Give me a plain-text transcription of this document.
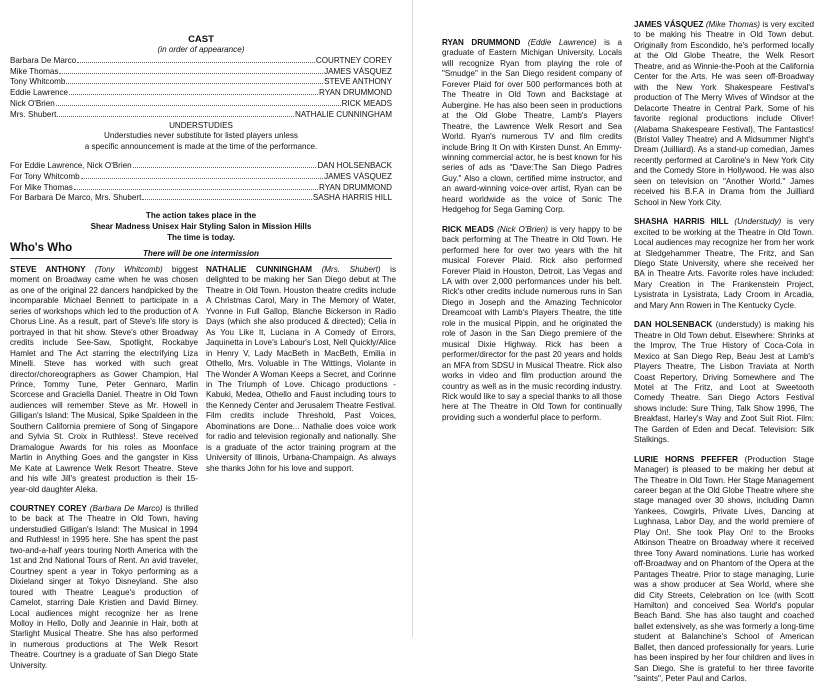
CAST
(in order of appearance)
Barbara De Marco	COURTNEY COREY
Mike Thomas	JAMES VÁSQUEZ
Tony Whitcomb	STEVE ANTHONY
Eddie Lawrence	RYAN DRUMMOND
Nick O'Brien	RICK MEADS
Mrs. Shubert	NATHALIE CUNNINGHAM
UNDERSTUDIES
Understudies never substitute for listed players unless
a specific announcement is made at the time of the performance.
For Eddie Lawrence, Nick O'Brien	DAN HOLSENBACK
For Tony Whitcomb	JAMES VÁSQUEZ
For Mike Thomas	RYAN DRUMMOND
For Barbara De Marco, Mrs. Shubert	SASHA HARRIS HILL
The action takes place in the
Shear Madness Unisex Hair Styling Salon in Mission Hills
The time is today.
There will be one intermission
Who's Who

STEVE ANTHONY (Tony Whitcomb) biggest moment on Broadway came when he was chosen as one of the original 22 dancers handpicked by the incomparable Michael Bennett to participate in a series of workshops which led to the production of A Chorus Line. As a result, part of Steve's life story is portrayed in that hit show. Steve's other Broadway credits include See-Saw, Spotlight, Rockabye Hamlet and The Act starring the electrifying Liza Minelli. Steve has worked with such great director/choreographers as Gower Champion, Hal Prince, Tommy Tune, Peter Gennaro, Marlin Scorcese and Graciella Daniel. Theatre in Old Town audiences will remember Steve as Mr. Howell in Gilligan's Island: The Musical, Spike Spaldeen in the Southern California premiere of Song of Singapore and Sylvia St. Croix in Ruthless!. Steve received Dramalogue Awards for his roles as Moonface Martin in Anything Goes and the gangster in Kiss Me Kate at Lawrence Welk Resort Theatre. Steve and his wife Jill's greatest production is their 15-year-old daughter Aleka.

COURTNEY COREY (Barbara De Marco) is thrilled to be back at The Theatre in Old Town, having understudied Gilligan's Island: The Musical in 1994 and Ruthless! in 1995 here. She has spent the past two-and-a-half years touring North America with the 1st and 2nd National Tours of Rent. An avid traveler, Courtney spent a year in Tokyo performing as a Dixieland singer at Tokyo Disneyland. She also toured with Theatre League's production of Camelot, starring Dale Kristien and David Birney. Local audiences might recognize her as Irene Molloy in Hello, Dolly and Jeannie in Hair, both at Starlight Musical Theatre. She has also performed in numerous productions at The Welk Resort Theatre. Courtney is a graduate of San Diego State University.

NATHALIE CUNNINGHAM (Mrs. Shubert) is delighted to be making her San Diego debut at The Theatre in Old Town. Houston theatre credits include A Christmas Carol, Mary in The Memory of Water, Yvonne in Full Gallop, Blanche Bickerson in Radio Days (which she also produced & directed); Celia in As You Like It, Luciana in A Comedy of Errors, Jaquinetta in Love's Labour's Lost, Nell Quickly/Alice in Henry V, Lady MacBeth in MacBeth, Emilia in Othello, Mrs. Voluable in The Wittings, Violante in The Wonder A Woman Keeps a Secret, and Corinne in The Triumph of Love. Chicago productions - Kabuki, Medea, Othello and Faust including tours to the Kennedy Center and Jerusalem Theatre Festival. Film credits include Threshold, Past Voices, Abominations are Done... Nathalie does voice work for radio and television regionally and nationally. She is a graduate of the actor training program at the University of Illinois, Urbana-Champaign. As always she thanks John for his love and support.

RYAN DRUMMOND (Eddie Lawrence) is a graduate of Eastern Michigan University. Locals will recognize Ryan from playing the role of "Smudge" in the San Diego resident company of Forever Plaid for over 500 performances both at The Theatre in Old Town and Backstage at Aubergine. He has also been seen in productions at the Old Globe Theatre, Lamb's Players Theatre, the Lawrence Welk Resort and Sea World. Ryan's numerous TV and film credits include Bring It On with Kirsten Dunst. An Emmy-winning commercial actor, he is best known for his series of ads as "Dave:The San Diego Padres Guy." Also a clown, certified mime instructor, and an award-winning voice-over artist, Ryan can be heard worldwide as the voice of Sonic The Hedgehog for Sega Gaming Corp.

RICK MEADS (Nick O'Brien) is very happy to be back performing at The Theatre in Old Town. He performed here for over two years with the hit musical Forever Plaid. Rick also performed Forever Plaid in Houston, Detroit, Las Vegas and LA with over 2,000 performances under his belt. Rick's other credits include numerous runs in San Diego in Joseph and the Amazing Technicolor Dreamcoat with Lamb's Players Theatre, the title role in the musical Pippin, and he originated the role of Jason in the San Diego premiere of the musical Dixie Highway. Rick has been a performer/director for the past 20 years and holds an MFA from SDSU in Musical Theatre. Rick also works in video and film production around the country as well as in the music recording industry. Rick would like to say a special thanks to all those here at The Theatre in Old Town for continually providing such a wonderful place to perform.

JAMES VÁSQUEZ (Mike Thomas) is very excited to be making his Theatre in Old Town debut. Originally from Escondido, he's performed locally at the Old Globe Theatre, the Welk Resort Theatre, and as Winnie-the-Pooh at the California Center for the Arts. He was seen off-Broadway with the New York Shakespeare Festival's production of The Merry Wives of Windsor at the Delacorte Theatre in Central Park. Some of his favorite regional productions include Oliver! (Alabama Shakespeare Festival), The Fantastics! (Bristol Valley Theatre) and A Midsummer Night's Dream (Juilliard). As a stand-up comedian, James recently performed at Caroline's in New York City and the Comedy Store in Hollywood. He was also seen on television on "Another World." James received his B.F.A in Drama from the Juilliard School in New York City.

SHASHA HARRIS HILL (Understudy) is very excited to be working at the Theatre in Old Town. Local audiences may recognize her from her work at Sledgehammer Theatre, The Fritz, and San Diego State University, where she received her BA in Theatre Arts. Favorite roles have included: Mary Creation in The Frankenstein Project, Lysistrata in Lysistrata, Lady Croom in Arcadia, and Mary Ann Rowen in The Kentucky Cycle.

DAN HOLSENBACK (understudy) is making his Theatre in Old Town debut. Elsewhere: Shrinks at the Improv, The True History of Coca-Cola in Mexico at San Diego Rep, Beau Jest at Lamb's Players Theatre, The Lisbon Traviata at North Coast Repertory, Driving Somewhere and The Motel at The Fritz, and Loot at Sweetooth Comedy Theatre. San Diego Actors Festival shows include: Sure Thing, Talk Show 1996, The Breakfast, Harley's Way and Zoot Suit Riot. Film: The Garden of Eden and Decaf. Television: Silk Stalkings.

LURIE HORNS PFEFFER (Production Stage Manager) is pleased to be making her debut at The Theatre in Old Town. Her Stage Management career began at the Old Globe Theatre where she stage managed over 30 shows, including Damn Yankees, Cowgirls, Private Lives, Dancing at Lughnasa, Labor Day, and the world premiere of Play On!. She took Play On! to the Brooks Atkinson Theatre on Broadway where it received three Tony Award nominations. Lurie has worked off-Broadway and on Phantom of the Opera at the Pantages Theatre. Prior to stage managing, Lurie was a show producer at Sea World, where she did City Streets, Celebration on Ice (with Scott Hamilton) and conceived Sea World's popular Beach Band. She has also taught and coached ballet extensively, as she was formerly a long-time student at Balanchine's School of American Ballet, then danced professionally for years. Lurie has been inspired by her four children and lives in San Diego. She is grateful to her three favorite "saints", Peter Paul and Carlos.
